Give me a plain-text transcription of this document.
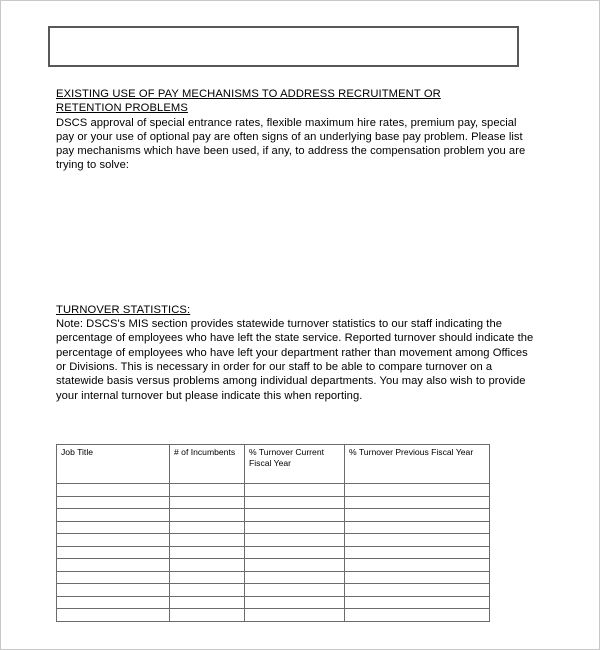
EXISTING USE OF PAY MECHANISMS TO ADDRESS RECRUITMENT OR RETENTION PROBLEMS

DSCS approval of special entrance rates, flexible maximum hire rates, premium pay, special pay or your use of optional pay are often signs of an underlying base pay problem. Please list pay mechanisms which have been used, if any, to address the compensation problem you are trying to solve:

TURNOVER STATISTICS:

Note: DSCS's MIS section provides statewide turnover statistics to our staff indicating the percentage of employees who have left the state service. Reported turnover should indicate the percentage of employees who have left your department rather than movement among Offices or Divisions. This is necessary in order for our staff to be able to compare turnover on a statewide basis versus problems among individual departments. You may also wish to provide your internal turnover but please indicate this when reporting.

Job Title	# of Incumbents	% Turnover Current Fiscal Year	% Turnover Previous Fiscal Year
